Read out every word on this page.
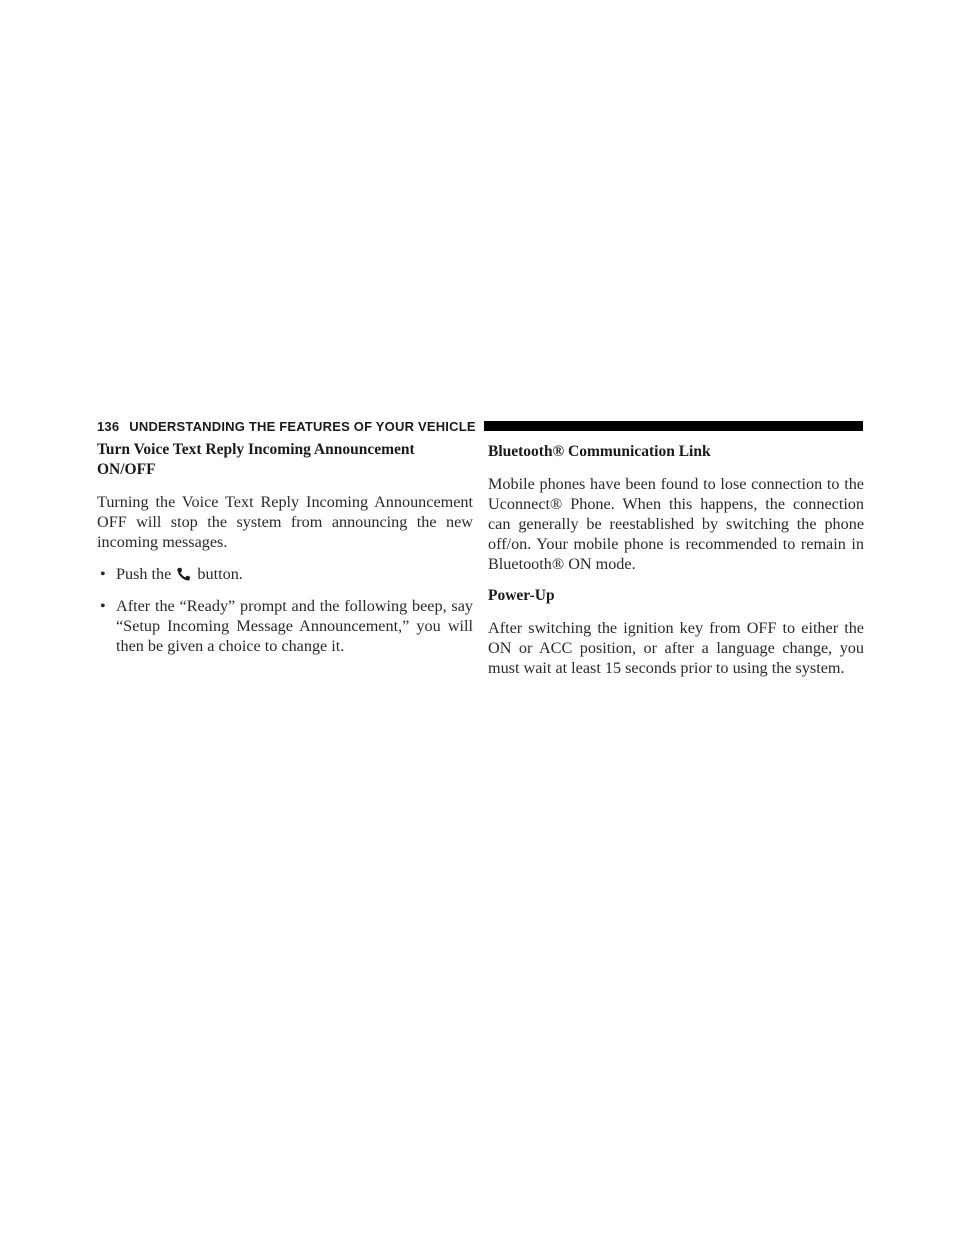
136 UNDERSTANDING THE FEATURES OF YOUR VEHICLE
Turn Voice Text Reply Incoming Announcement
ON/OFF

Turning the Voice Text Reply Incoming Announcement OFF will stop the system from announcing the new incoming messages.

• Push the button.
• After the “Ready” prompt and the following beep, say “Setup Incoming Message Announcement,” you will then be given a choice to change it.
Bluetooth® Communication Link

Mobile phones have been found to lose connection to the Uconnect® Phone. When this happens, the connection can generally be reestablished by switching the phone off/on. Your mobile phone is recommended to remain in Bluetooth® ON mode.

Power-Up

After switching the ignition key from OFF to either the ON or ACC position, or after a language change, you must wait at least 15 seconds prior to using the system.
